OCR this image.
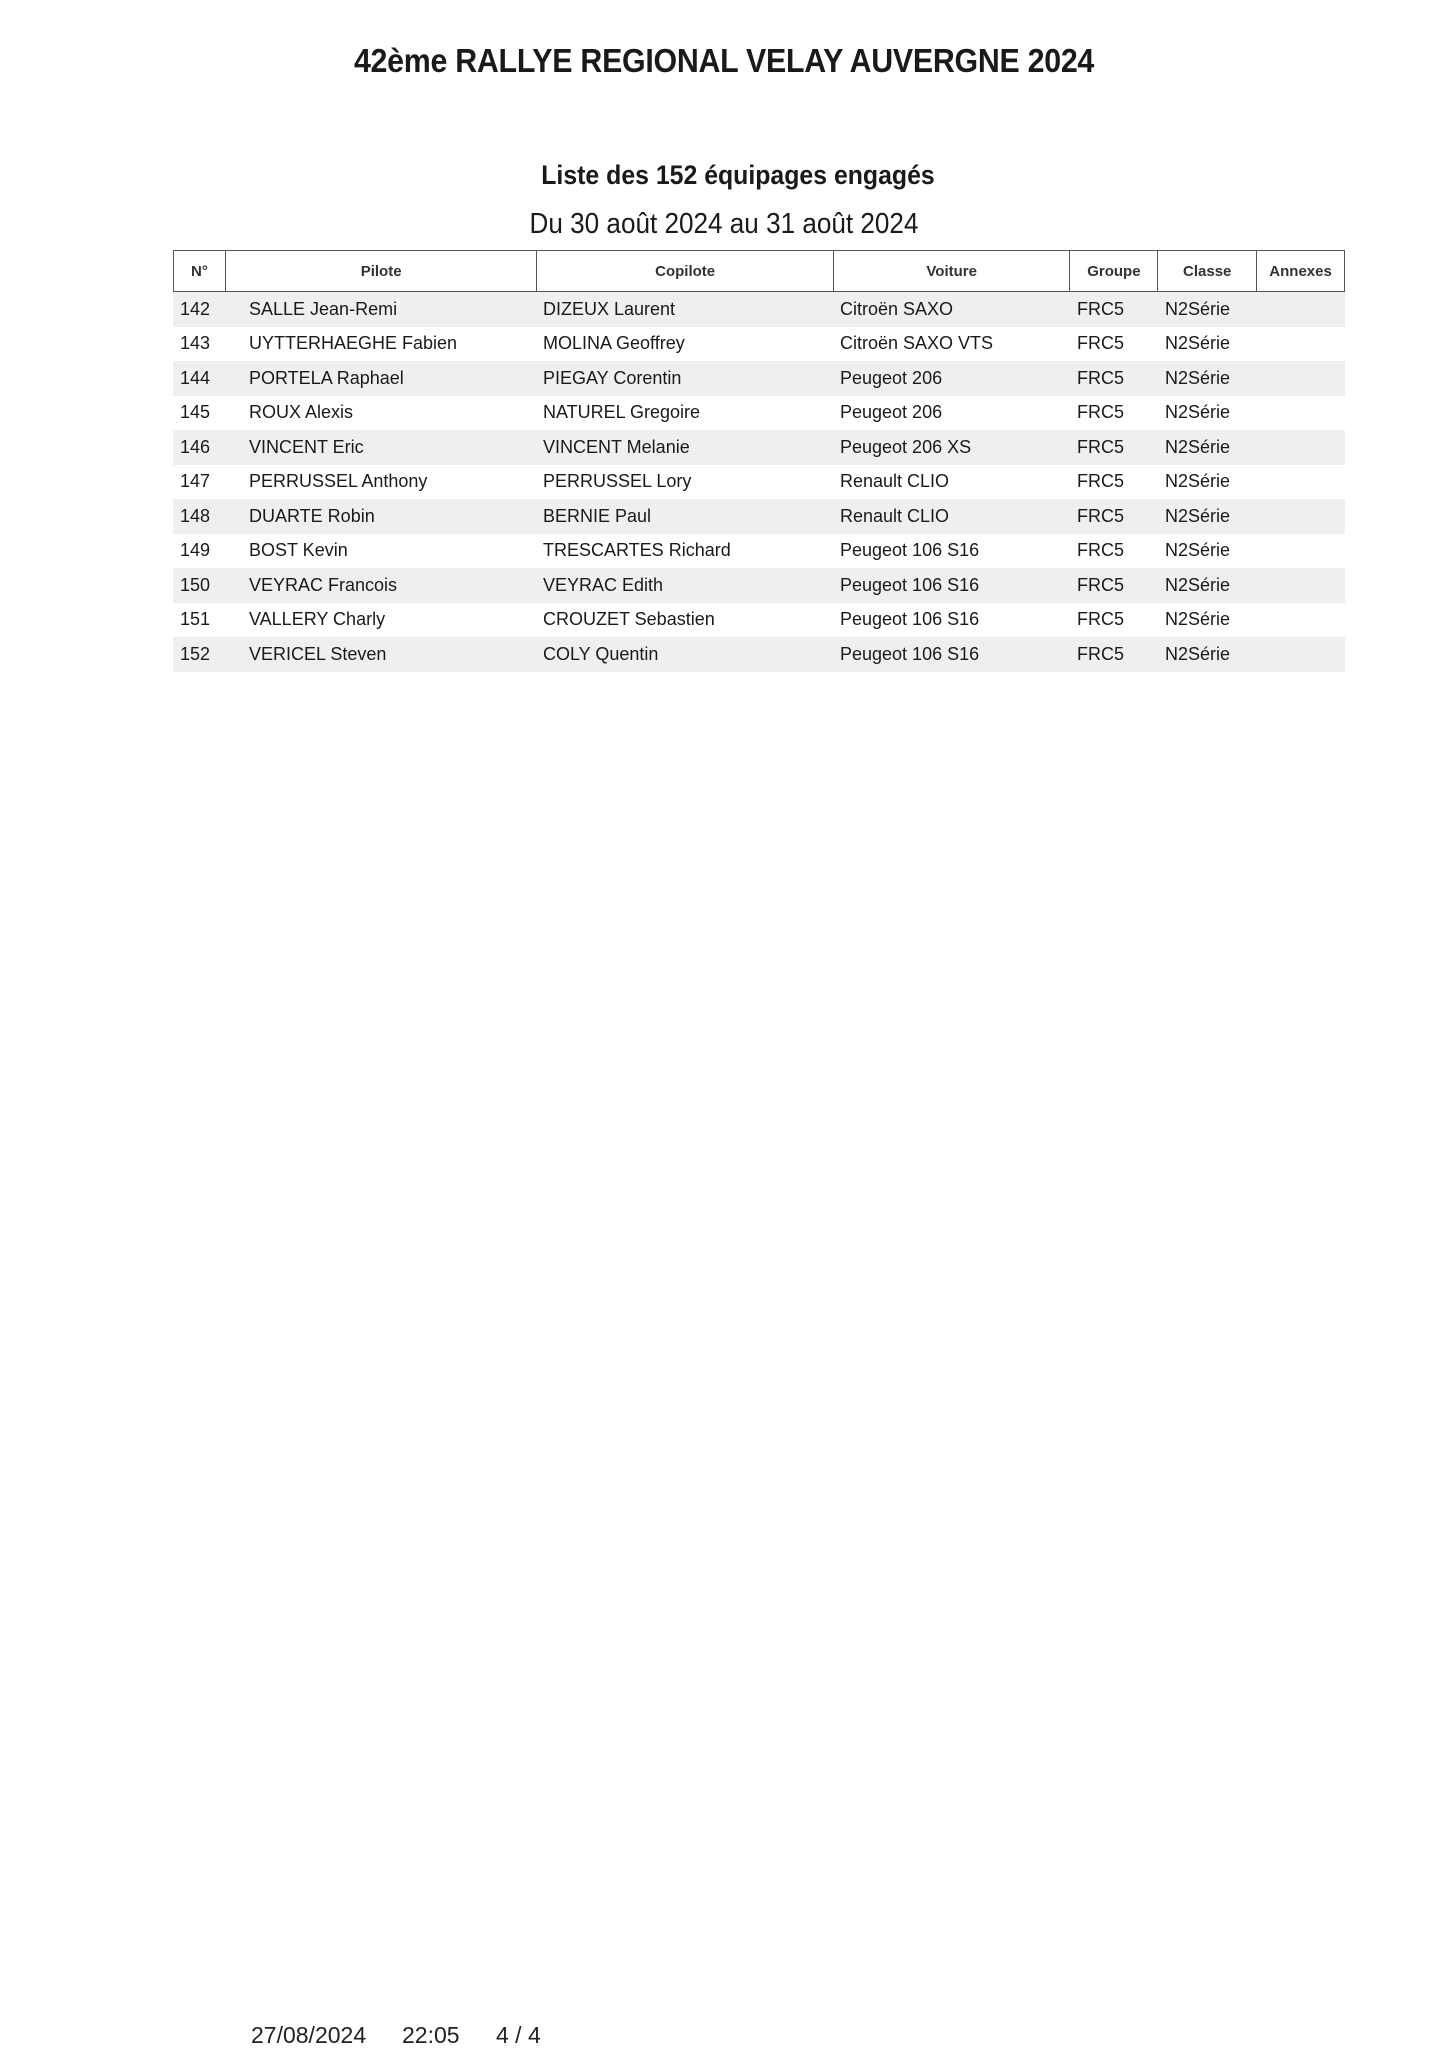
42ème RALLYE REGIONAL VELAY AUVERGNE 2024
Liste des 152 équipages engagés
Du 30 août 2024 au 31 août 2024
N°	Pilote	Copilote	Voiture	Groupe	Classe	Annexes
142	SALLE Jean-Remi	DIZEUX Laurent	Citroën SAXO	FRC5	N2Série
143	UYTTERHAEGHE Fabien	MOLINA Geoffrey	Citroën SAXO VTS	FRC5	N2Série
144	PORTELA Raphael	PIEGAY Corentin	Peugeot 206	FRC5	N2Série
145	ROUX Alexis	NATUREL Gregoire	Peugeot 206	FRC5	N2Série
146	VINCENT Eric	VINCENT Melanie	Peugeot 206 XS	FRC5	N2Série
147	PERRUSSEL Anthony	PERRUSSEL Lory	Renault CLIO	FRC5	N2Série
148	DUARTE Robin	BERNIE Paul	Renault CLIO	FRC5	N2Série
149	BOST Kevin	TRESCARTES Richard	Peugeot 106 S16	FRC5	N2Série
150	VEYRAC Francois	VEYRAC Edith	Peugeot 106 S16	FRC5	N2Série
151	VALLERY Charly	CROUZET Sebastien	Peugeot 106 S16	FRC5	N2Série
152	VERICEL Steven	COLY Quentin	Peugeot 106 S16	FRC5	N2Série
27/08/2024 22:05 4 / 4
